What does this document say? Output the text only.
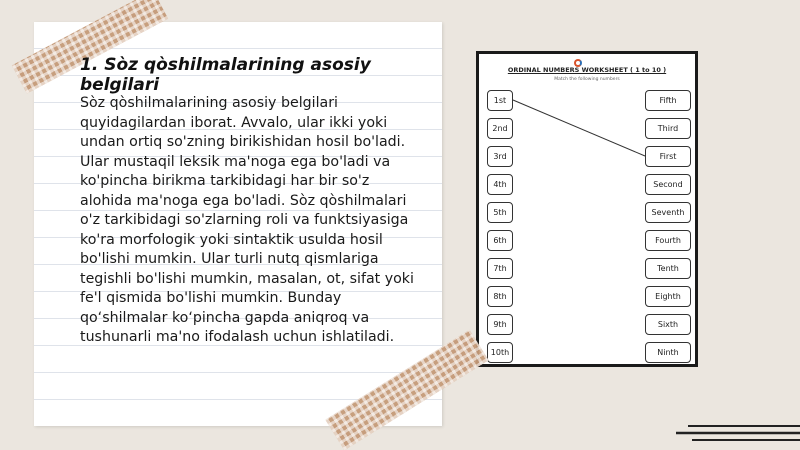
1. Sòz qòshilmalarining asosiy belgilari

Sòz qòshilmalarining asosiy belgilari quyidagilardan iborat. Avvalo, ular ikki yoki undan ortiq so'zning birikishidan hosil bo'ladi. Ular mustaqil leksik ma'noga ega bo'ladi va ko'pincha birikma tarkibidagi har bir so'z alohida ma'noga ega bo'ladi. Sòz qòshilmalari o'z tarkibidagi so'zlarning roli va funktsiyasiga ko'ra morfologik yoki sintaktik usulda hosil bo'lishi mumkin. Ular turli nutq qismlariga tegishli bo'lishi mumkin, masalan, ot, sifat yoki fe'l qismida bo'lishi mumkin. Bunday qo‘shilmalar ko‘pincha gapda aniqroq va tushunarli ma'no ifodalash uchun ishlatiladi.

ORDINAL NUMBERS WORKSHEET ( 1 to 10 )
Match the following numbers
1st
2nd
3rd
4th
5th
6th
7th
8th
9th
10th
Fifth
Third
First
Second
Seventh
Fourth
Tenth
Eighth
Sixth
Ninth
